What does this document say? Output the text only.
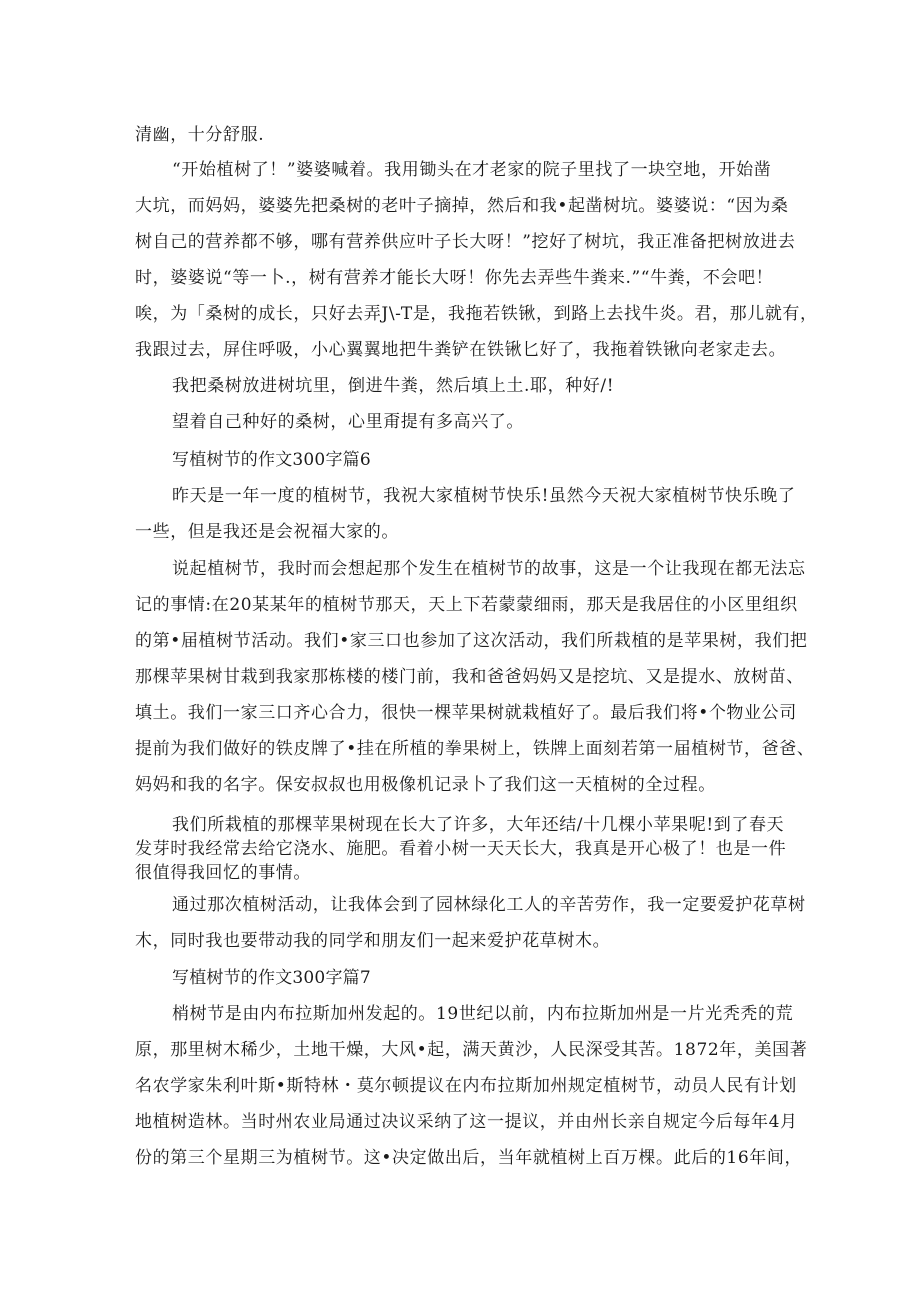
清幽，十分舒服.
“开始植树了！”婆婆喊着。我用锄头在才老家的院子里找了一块空地，开始凿
大坑，而妈妈，婆婆先把桑树的老叶子摘掉，然后和我•起凿树坑。婆婆说：“因为桑
树自己的营养都不够，哪有营养供应叶子长大呀！”挖好了树坑，我正准备把树放进去
时，婆婆说“等一卜.，树有营养才能长大呀！你先去弄些牛粪来.”“牛粪，不会吧！
唉，为「桑树的成长，只好去弄J\-T是，我拖若铁锹，到路上去找牛炎。君，那儿就有，
我跟过去，屏住呼吸，小心翼翼地把牛粪铲在铁锹匕好了，我拖着铁锹向老家走去。
我把桑树放进树坑里，倒进牛粪，然后填上土.耶，种好/!
望着自己种好的桑树，心里甭提有多高兴了。
写植树节的作文300字篇6
昨天是一年一度的植树节，我祝大家植树节快乐!虽然今天祝大家植树节快乐晚了
一些，但是我还是会祝福大家的。
说起植树节，我时而会想起那个发生在植树节的故事，这是一个让我现在都无法忘
记的事情:在20某某年的植树节那天，天上下若蒙蒙细雨，那天是我居住的小区里组织
的第•届植树节活动。我们•家三口也参加了这次活动，我们所栽植的是苹果树，我们把
那棵苹果树甘栽到我家那栋楼的楼门前，我和爸爸妈妈又是挖坑、又是提水、放树苗、
填土。我们一家三口齐心合力，很快一棵苹果树就栽植好了。最后我们将•个物业公司
提前为我们做好的铁皮牌了•挂在所植的拳果树上，铁牌上面刻若第一届植树节，爸爸、
妈妈和我的名字。保安叔叔也用极像机记录卜了我们这一天植树的全过程。
我们所栽植的那棵苹果树现在长大了许多，大年还结/十几棵小苹果呢!到了春天
发芽时我经常去给它浇水、施肥。看着小树一天天长大，我真是开心极了！也是一件
很值得我回忆的事情。
通过那次植树活动，让我体会到了园林绿化工人的辛苦劳作，我一定要爱护花草树
木，同时我也要带动我的同学和朋友们一起来爱护花草树木。
写植树节的作文300字篇7
梢树节是由内布拉斯加州发起的。19世纪以前，内布拉斯加州是一片光秃秃的荒
原，那里树木稀少，土地干燥，大风•起，满天黄沙，人民深受其苦。1872年，美国著
名农学家朱利叶斯•斯特林・莫尔顿提议在内布拉斯加州规定植树节，动员人民有计划
地植树造林。当时州农业局通过决议采纳了这一提议，并由州长亲自规定今后每年4月
份的第三个星期三为植树节。这•决定做出后，当年就植树上百万棵。此后的16年间，
